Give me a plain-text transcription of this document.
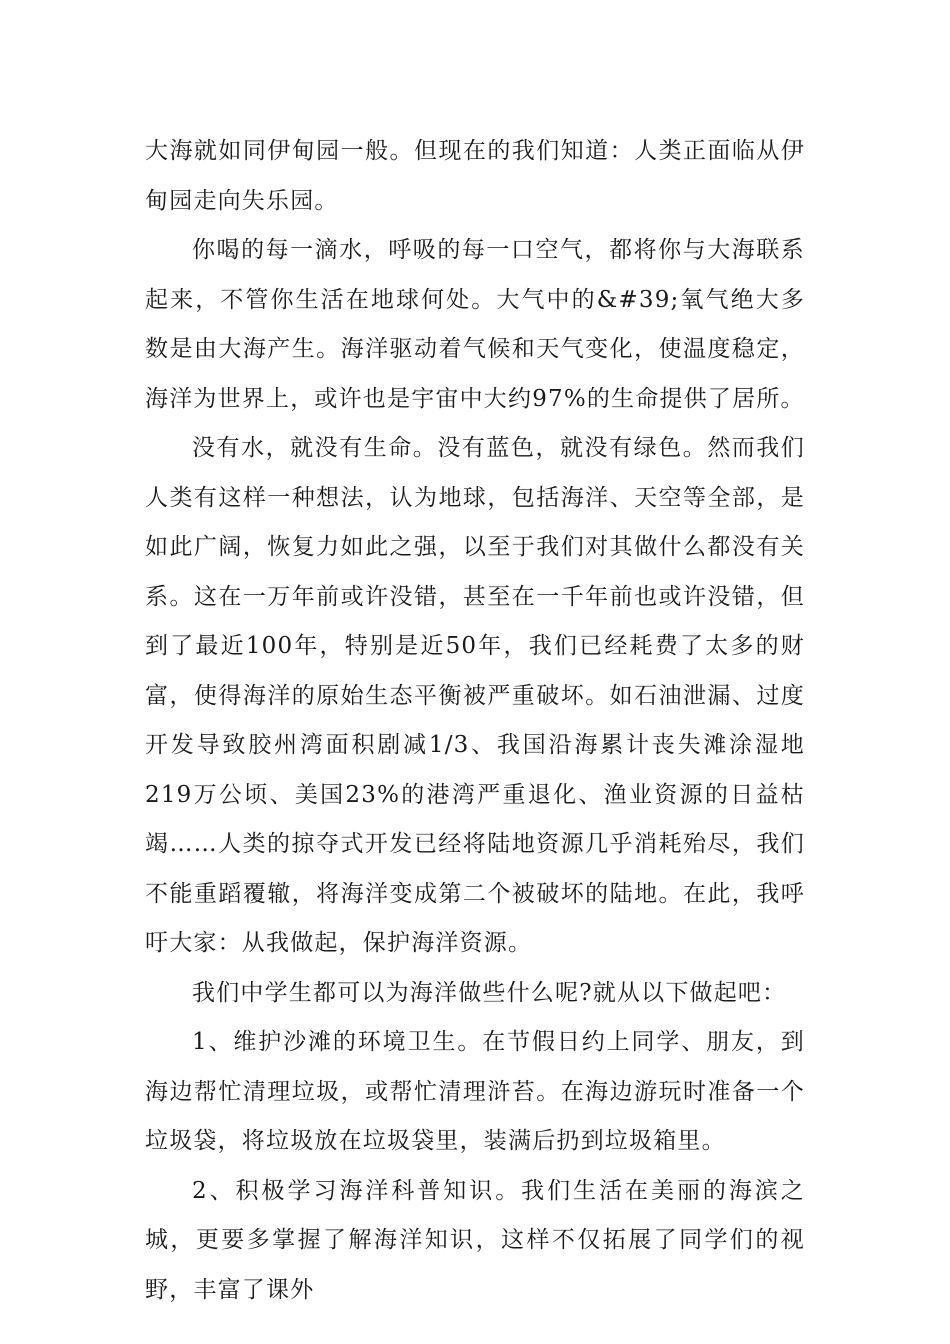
大海就如同伊甸园一般。但现在的我们知道：人类正面临从伊甸园走向失乐园。

你喝的每一滴水，呼吸的每一口空气，都将你与大海联系起来，不管你生活在地球何处。大气中的&#39;氧气绝大多数是由大海产生。海洋驱动着气候和天气变化，使温度稳定，海洋为世界上，或许也是宇宙中大约97%的生命提供了居所。

没有水，就没有生命。没有蓝色，就没有绿色。然而我们人类有这样一种想法，认为地球，包括海洋、天空等全部，是如此广阔，恢复力如此之强，以至于我们对其做什么都没有关系。这在一万年前或许没错，甚至在一千年前也或许没错，但到了最近100年，特别是近50年，我们已经耗费了太多的财富，使得海洋的原始生态平衡被严重破坏。如石油泄漏、过度开发导致胶州湾面积剧减1/3、我国沿海累计丧失滩涂湿地219万公顷、美国23%的港湾严重退化、渔业资源的日益枯竭……人类的掠夺式开发已经将陆地资源几乎消耗殆尽，我们不能重蹈覆辙，将海洋变成第二个被破坏的陆地。在此，我呼吁大家：从我做起，保护海洋资源。

我们中学生都可以为海洋做些什么呢?就从以下做起吧：

1、维护沙滩的环境卫生。在节假日约上同学、朋友，到海边帮忙清理垃圾，或帮忙清理浒苔。在海边游玩时准备一个垃圾袋，将垃圾放在垃圾袋里，装满后扔到垃圾箱里。

2、积极学习海洋科普知识。我们生活在美丽的海滨之城，更要多掌握了解海洋知识，这样不仅拓展了同学们的视野，丰富了课外
